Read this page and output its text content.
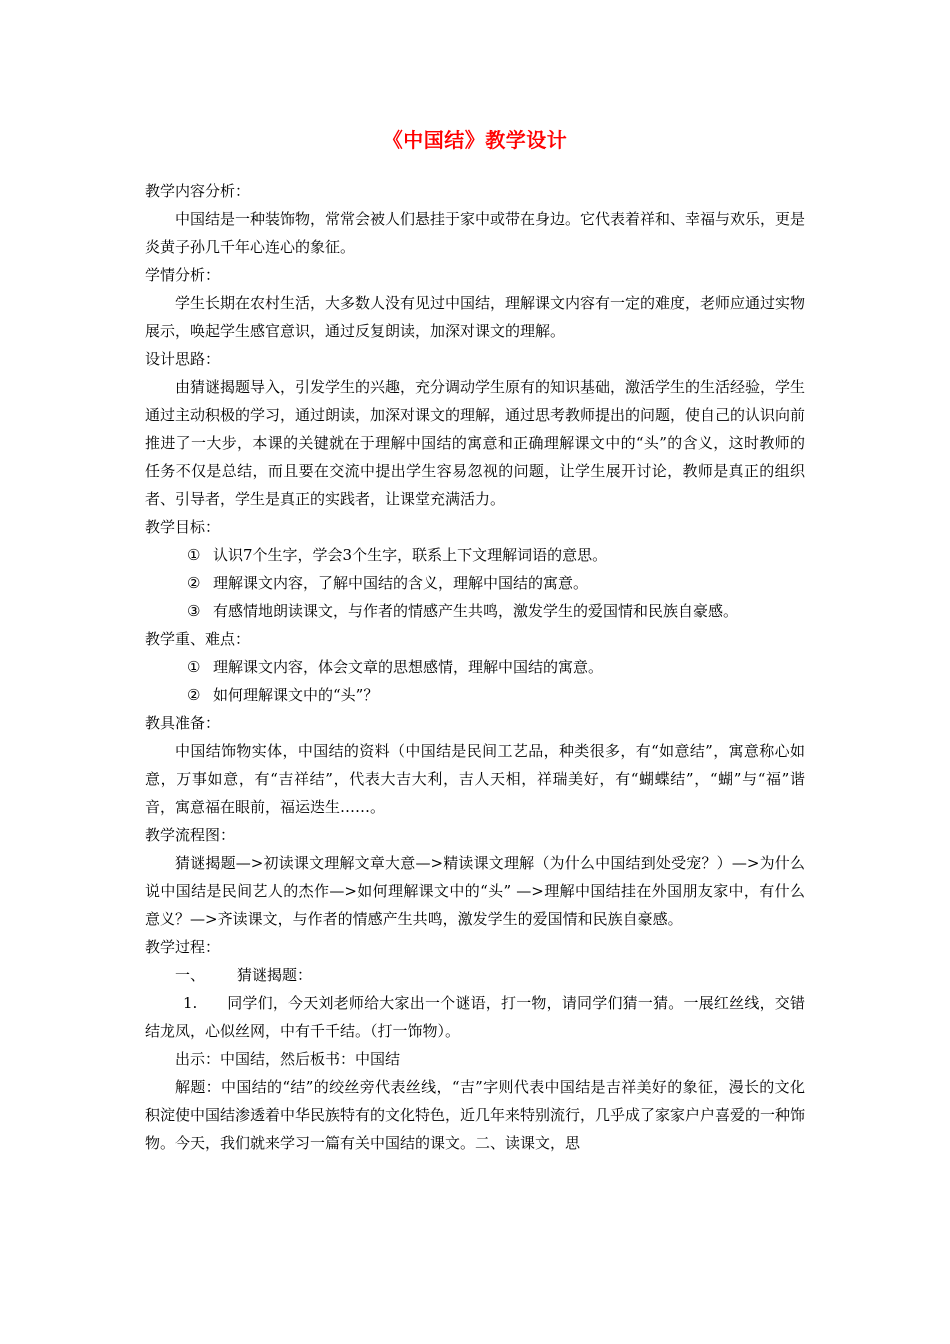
《中国结》教学设计

教学内容分析：

中国结是一种装饰物，常常会被人们悬挂于家中或带在身边。它代表着祥和、幸福与欢乐，更是炎黄子孙几千年心连心的象征。

学情分析：

学生长期在农村生活，大多数人没有见过中国结，理解课文内容有一定的难度，老师应通过实物展示，唤起学生感官意识，通过反复朗读，加深对课文的理解。

设计思路：

由猜谜揭题导入，引发学生的兴趣，充分调动学生原有的知识基础，激活学生的生活经验，学生通过主动积极的学习，通过朗读，加深对课文的理解，通过思考教师提出的问题，使自己的认识向前推进了一大步，本课的关键就在于理解中国结的寓意和正确理解课文中的“头”的含义，这时教师的任务不仅是总结，而且要在交流中提出学生容易忽视的问题，让学生展开讨论，教师是真正的组织者、引导者，学生是真正的实践者，让课堂充满活力。

教学目标：

① 认识7个生字，学会3个生字，联系上下文理解词语的意思。

② 理解课文内容，了解中国结的含义，理解中国结的寓意。

③ 有感情地朗读课文，与作者的情感产生共鸣，激发学生的爱国情和民族自豪感。

教学重、难点：

① 理解课文内容，体会文章的思想感情，理解中国结的寓意。

② 如何理解课文中的“头”？

教具准备：

中国结饰物实体，中国结的资料（中国结是民间工艺品，种类很多，有“如意结”，寓意称心如意，万事如意，有“吉祥结”，代表大吉大利，吉人天相，祥瑞美好，有“蝴蝶结”，“蝴”与“福”谐音，寓意福在眼前，福运迭生……。

教学流程图：

猜谜揭题—>初读课文理解文章大意—>精读课文理解（为什么中国结到处受宠？）—>为什么说中国结是民间艺人的杰作—>如何理解课文中的“头” —>理解中国结挂在外国朋友家中，有什么意义？—>齐读课文，与作者的情感产生共鸣，激发学生的爱国情和民族自豪感。

教学过程：

一、 猜谜揭题：

1. 同学们，今天刘老师给大家出一个谜语，打一物，请同学们猜一猜。一展红丝线，交错结龙凤，心似丝网，中有千千结。（打一饰物）。

出示：中国结，然后板书：中国结

解题：中国结的“结”的绞丝旁代表丝线，“吉”字则代表中国结是吉祥美好的象征，漫长的文化积淀使中国结渗透着中华民族特有的文化特色，近几年来特别流行，几乎成了家家户户喜爱的一种饰物。今天，我们就来学习一篇有关中国结的课文。二、读课文，思
